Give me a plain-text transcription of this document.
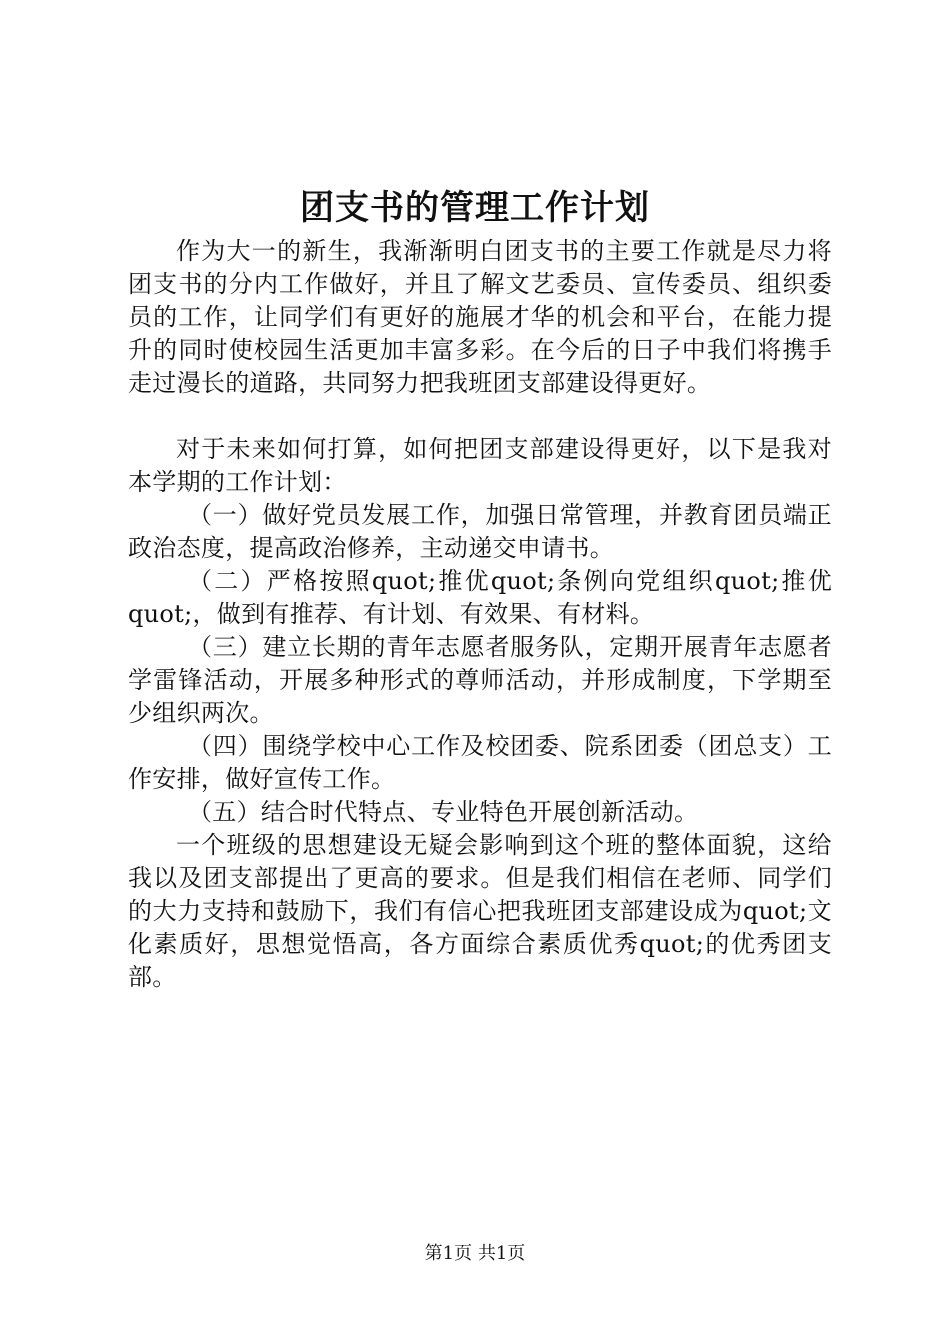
团支书的管理工作计划

作为大一的新生，我渐渐明白团支书的主要工作就是尽力将团支书的分内工作做好，并且了解文艺委员、宣传委员、组织委员的工作，让同学们有更好的施展才华的机会和平台，在能力提升的同时使校园生活更加丰富多彩。在今后的日子中我们将携手走过漫长的道路，共同努力把我班团支部建设得更好。

对于未来如何打算，如何把团支部建设得更好，以下是我对本学期的工作计划：

（一）做好党员发展工作，加强日常管理，并教育团员端正政治态度，提高政治修养，主动递交申请书。

（二）严格按照quot;推优quot;条例向党组织quot;推优quot;，做到有推荐、有计划、有效果、有材料。

（三）建立长期的青年志愿者服务队，定期开展青年志愿者学雷锋活动，开展多种形式的尊师活动，并形成制度，下学期至少组织两次。

（四）围绕学校中心工作及校团委、院系团委（团总支）工作安排，做好宣传工作。

（五）结合时代特点、专业特色开展创新活动。

一个班级的思想建设无疑会影响到这个班的整体面貌，这给我以及团支部提出了更高的要求。但是我们相信在老师、同学们的大力支持和鼓励下，我们有信心把我班团支部建设成为quot;文化素质好，思想觉悟高，各方面综合素质优秀quot;的优秀团支部。

第1页 共1页
